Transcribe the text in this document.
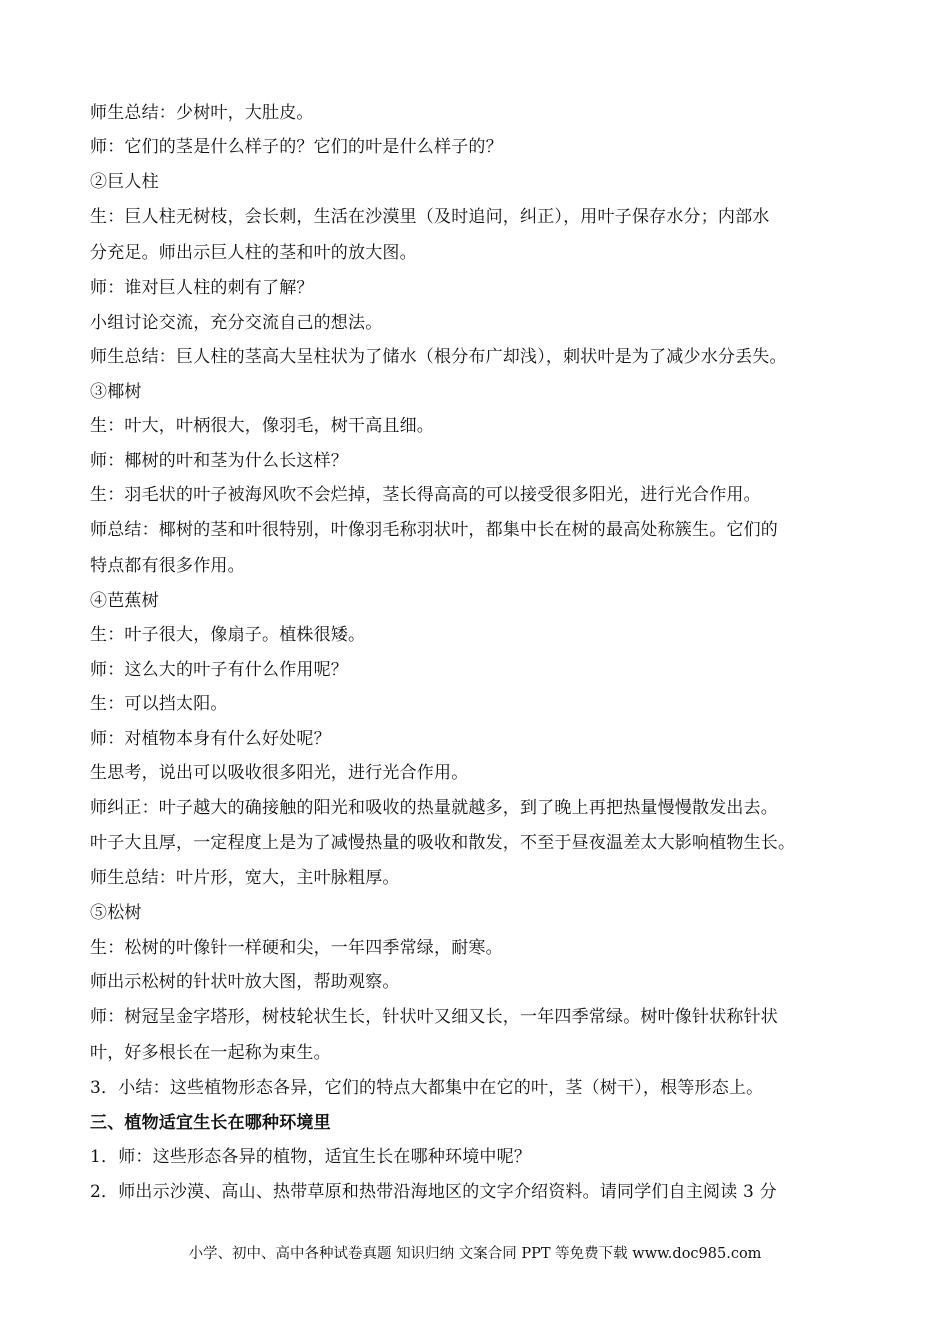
师生总结：少树叶，大肚皮。
师：它们的茎是什么样子的？它们的叶是什么样子的？
②巨人柱
生：巨人柱无树枝，会长刺，生活在沙漠里（及时追问，纠正），用叶子保存水分；内部水
分充足。师出示巨人柱的茎和叶的放大图。
师：谁对巨人柱的刺有了解？
小组讨论交流，充分交流自己的想法。
师生总结：巨人柱的茎高大呈柱状为了储水（根分布广却浅），刺状叶是为了减少水分丢失。
③椰树
生：叶大，叶柄很大，像羽毛，树干高且细。
师：椰树的叶和茎为什么长这样？
生：羽毛状的叶子被海风吹不会烂掉，茎长得高高的可以接受很多阳光，进行光合作用。
师总结：椰树的茎和叶很特别，叶像羽毛称羽状叶，都集中长在树的最高处称簇生。它们的
特点都有很多作用。
④芭蕉树
生：叶子很大，像扇子。植株很矮。
师：这么大的叶子有什么作用呢？
生：可以挡太阳。
师：对植物本身有什么好处呢？
生思考，说出可以吸收很多阳光，进行光合作用。
师纠正：叶子越大的确接触的阳光和吸收的热量就越多，到了晚上再把热量慢慢散发出去。
叶子大且厚，一定程度上是为了减慢热量的吸收和散发，不至于昼夜温差太大影响植物生长。
师生总结：叶片形，宽大，主叶脉粗厚。
⑤松树
生：松树的叶像针一样硬和尖，一年四季常绿，耐寒。
师出示松树的针状叶放大图，帮助观察。
师：树冠呈金字塔形，树枝轮状生长，针状叶又细又长，一年四季常绿。树叶像针状称针状
叶，好多根长在一起称为束生。
3．小结：这些植物形态各异，它们的特点大都集中在它的叶，茎（树干），根等形态上。
三、植物适宜生长在哪种环境里
1．师：这些形态各异的植物，适宜生长在哪种环境中呢？
2．师出示沙漠、高山、热带草原和热带沿海地区的文字介绍资料。请同学们自主阅读 3 分
小学、初中、高中各种试卷真题 知识归纳 文案合同 PPT 等免费下载 www.doc985.com
